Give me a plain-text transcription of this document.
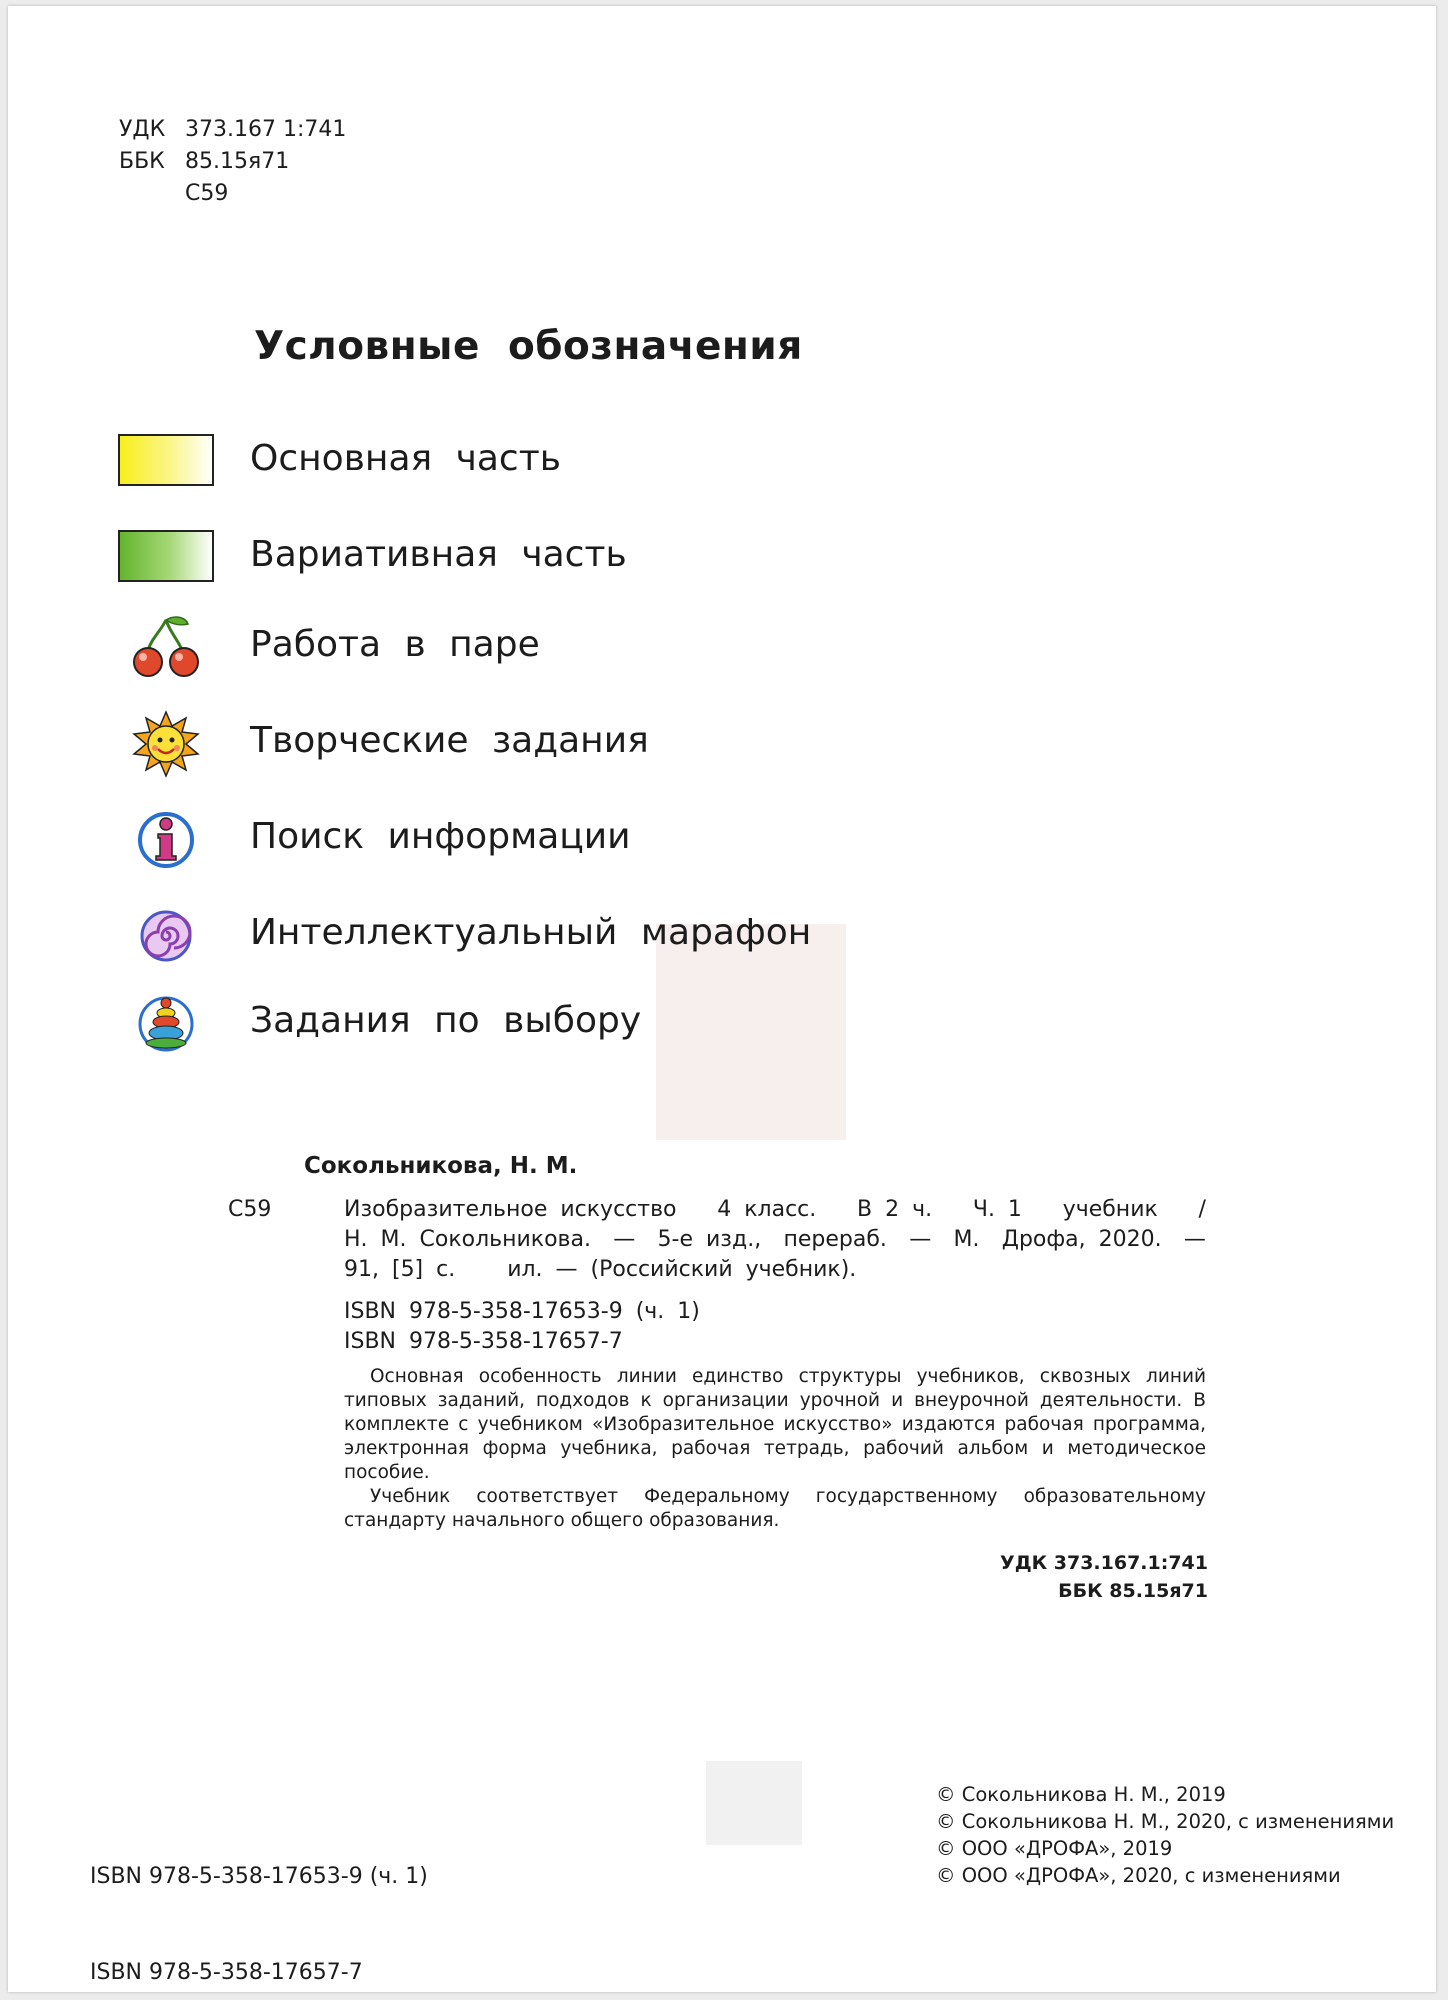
УДК 373.167 1:741
ББК 85.15я71
С59
Условные обозначения
Основная часть
Вариативная часть
Работа в паре
Творческие задания
Поиск информации
Интеллектуальный марафон
Задания по выбору
Сокольникова, Н. М.
С59	Изобразительное искусство 4 класс. В 2 ч. Ч. 1 учебник /
Н. М. Сокольникова. — 5-е изд., перераб. — М. Дрофа, 2020. —
91, [5] с.    ил. — (Российский учебник).
ISBN 978-5-358-17653-9 (ч. 1)
ISBN 978-5-358-17657-7

Основная особенность линии единство структуры учебников, сквозных линий типовых заданий, подходов к организации урочной и внеурочной деятельности. В комплекте с учебником «Изобразительное искусство» издаются рабочая программа, электронная форма учебника, рабочая тетрадь, рабочий альбом и методическое пособие.

Учебник соответствует Федеральному государственному образовательному стандарту начального общего образования.

УДК 373.167.1:741
ББК 85.15я71

ISBN 978-5-358-17653-9 (ч. 1)

ISBN 978-5-358-17657-7

© Сокольникова Н. М., 2019
© Сокольникова Н. М., 2020, с изменениями
© ООО «ДРОФА», 2019
© ООО «ДРОФА», 2020, с изменениями
